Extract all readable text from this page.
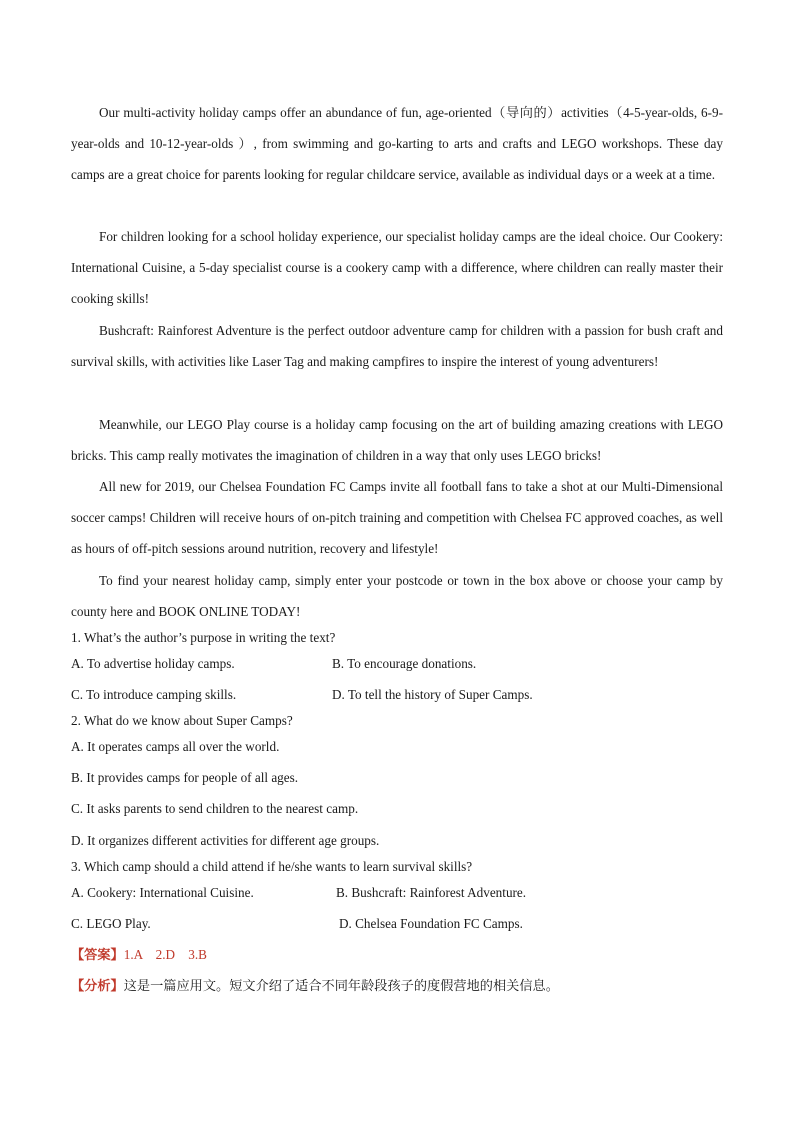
Our multi-activity holiday camps offer an abundance of fun, age-oriented（导向的）activities（4-5-year-olds, 6-9-year-olds and 10-12-year-olds ）, from swimming and go-karting to arts and crafts and LEGO workshops. These day camps are a great choice for parents looking for regular childcare service, available as individual days or a week at a time.

For children looking for a school holiday experience, our specialist holiday camps are the ideal choice. Our Cookery: International Cuisine, a 5-day specialist course is a cookery camp with a difference, where children can really master their cooking skills!

Bushcraft: Rainforest Adventure is the perfect outdoor adventure camp for children with a passion for bush craft and survival skills, with activities like Laser Tag and making campfires to inspire the interest of young adventurers!

Meanwhile, our LEGO Play course is a holiday camp focusing on the art of building amazing creations with LEGO bricks. This camp really motivates the imagination of children in a way that only uses LEGO bricks!

All new for 2019, our Chelsea Foundation FC Camps invite all football fans to take a shot at our Multi-Dimensional soccer camps! Children will receive hours of on-pitch training and competition with Chelsea FC approved coaches, as well as hours of off-pitch sessions around nutrition, recovery and lifestyle!

To find your nearest holiday camp, simply enter your postcode or town in the box above or choose your camp by county here and BOOK ONLINE TODAY!

1. What’s the author’s purpose in writing the text?

A. To advertise holiday camps.	B. To encourage donations.

C. To introduce camping skills.	D. To tell the history of Super Camps.

2. What do we know about Super Camps?

A. It operates camps all over the world.

B. It provides camps for people of all ages.

C. It asks parents to send children to the nearest camp.

D. It organizes different activities for different age groups.

3. Which camp should a child attend if he/she wants to learn survival skills?

A. Cookery: International Cuisine.	B. Bushcraft: Rainforest Adventure.

C. LEGO Play.	D. Chelsea Foundation FC Camps.

【答案】1.A    2.D    3.B

【分析】这是一篇应用文。短文介绍了适合不同年龄段孩子的度假营地的相关信息。
